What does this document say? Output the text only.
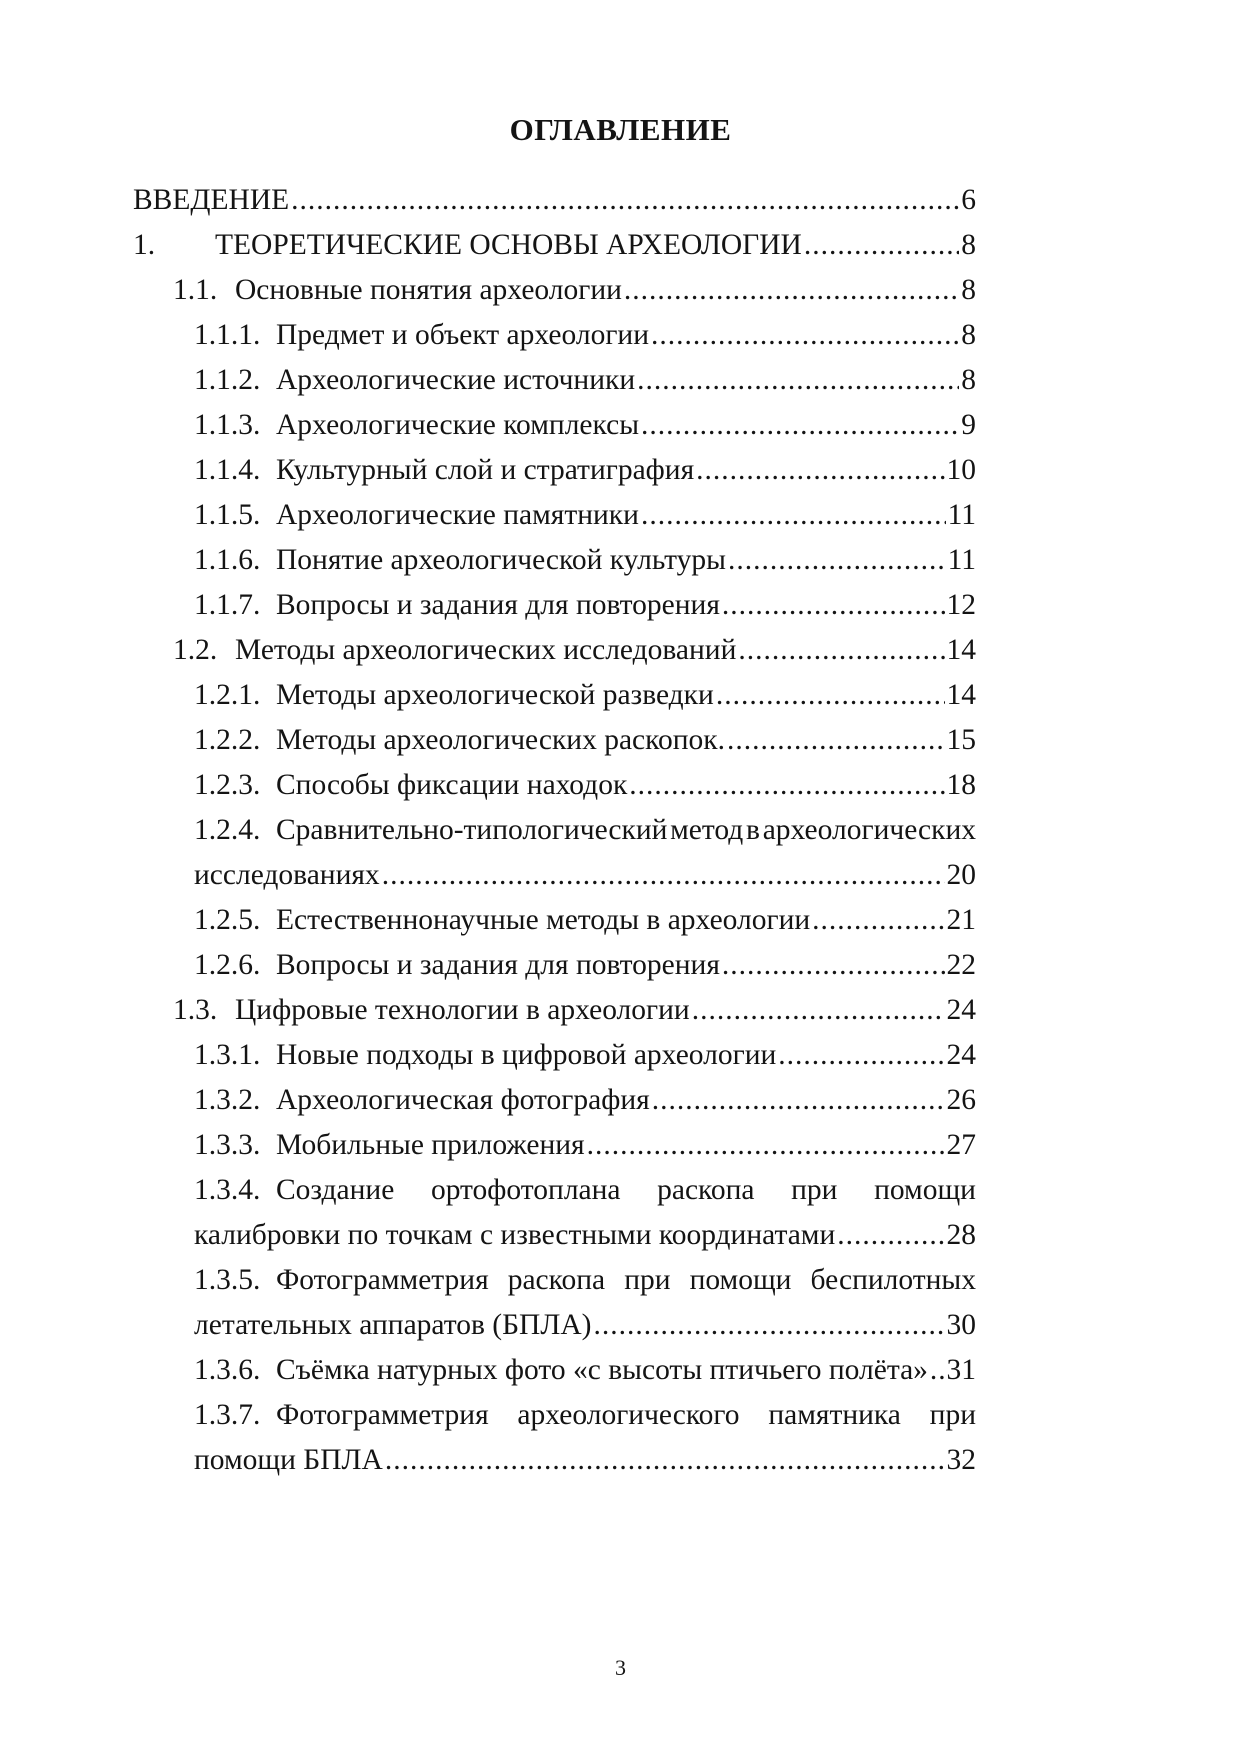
ОГЛАВЛЕНИЕ
ВВЕДЕНИЕ .....	6
1. ТЕОРЕТИЧЕСКИЕ ОСНОВЫ АРХЕОЛОГИИ .....	8
1.1. Основные понятия археологии .....	8
1.1.1. Предмет и объект археологии .....	8
1.1.2. Археологические источники .....	8
1.1.3. Археологические комплексы .....	9
1.1.4. Культурный слой и стратиграфия .....	10
1.1.5. Археологические памятники .....	11
1.1.6. Понятие археологической культуры .....	11
1.1.7. Вопросы и задания для повторения .....	12
1.2. Методы археологических исследований .....	14
1.2.1. Методы археологической разведки .....	14
1.2.2. Методы археологических раскопок. .....	15
1.2.3. Способы фиксации находок .....	18
1.2.4. Сравнительно-типологический метод в археологических
исследованиях .....	20
1.2.5. Естественнонаучные методы в археологии .....	21
1.2.6. Вопросы и задания для повторения .....	22
1.3. Цифровые технологии в археологии .....	24
1.3.1. Новые подходы в цифровой археологии .....	24
1.3.2. Археологическая фотография .....	26
1.3.3. Мобильные приложения .....	27
1.3.4. Создание ортофотоплана раскопа при помощи
калибровки по точкам с известными координатами .....	28
1.3.5. Фотограмметрия раскопа при помощи беспилотных
летательных аппаратов (БПЛА) .....	30
1.3.6. Съёмка натурных фото «с высоты птичьего полёта» ..... 31
1.3.7. Фотограмметрия археологического памятника при
помощи БПЛА .....	32
3
